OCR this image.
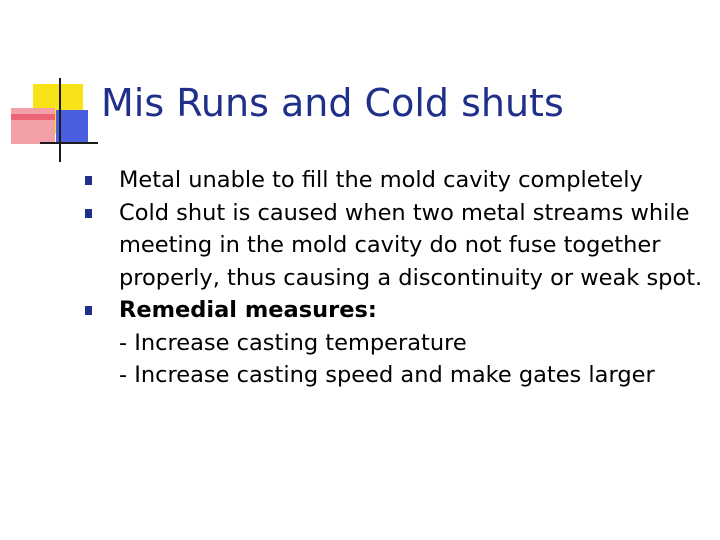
Mis Runs and Cold shuts
Metal unable to fill the mold cavity completely
Cold shut is caused when two metal streams while meeting in the mold cavity do not fuse together properly, thus causing a discontinuity or weak spot.
Remedial measures:
- Increase casting temperature
- Increase casting speed and make gates larger
